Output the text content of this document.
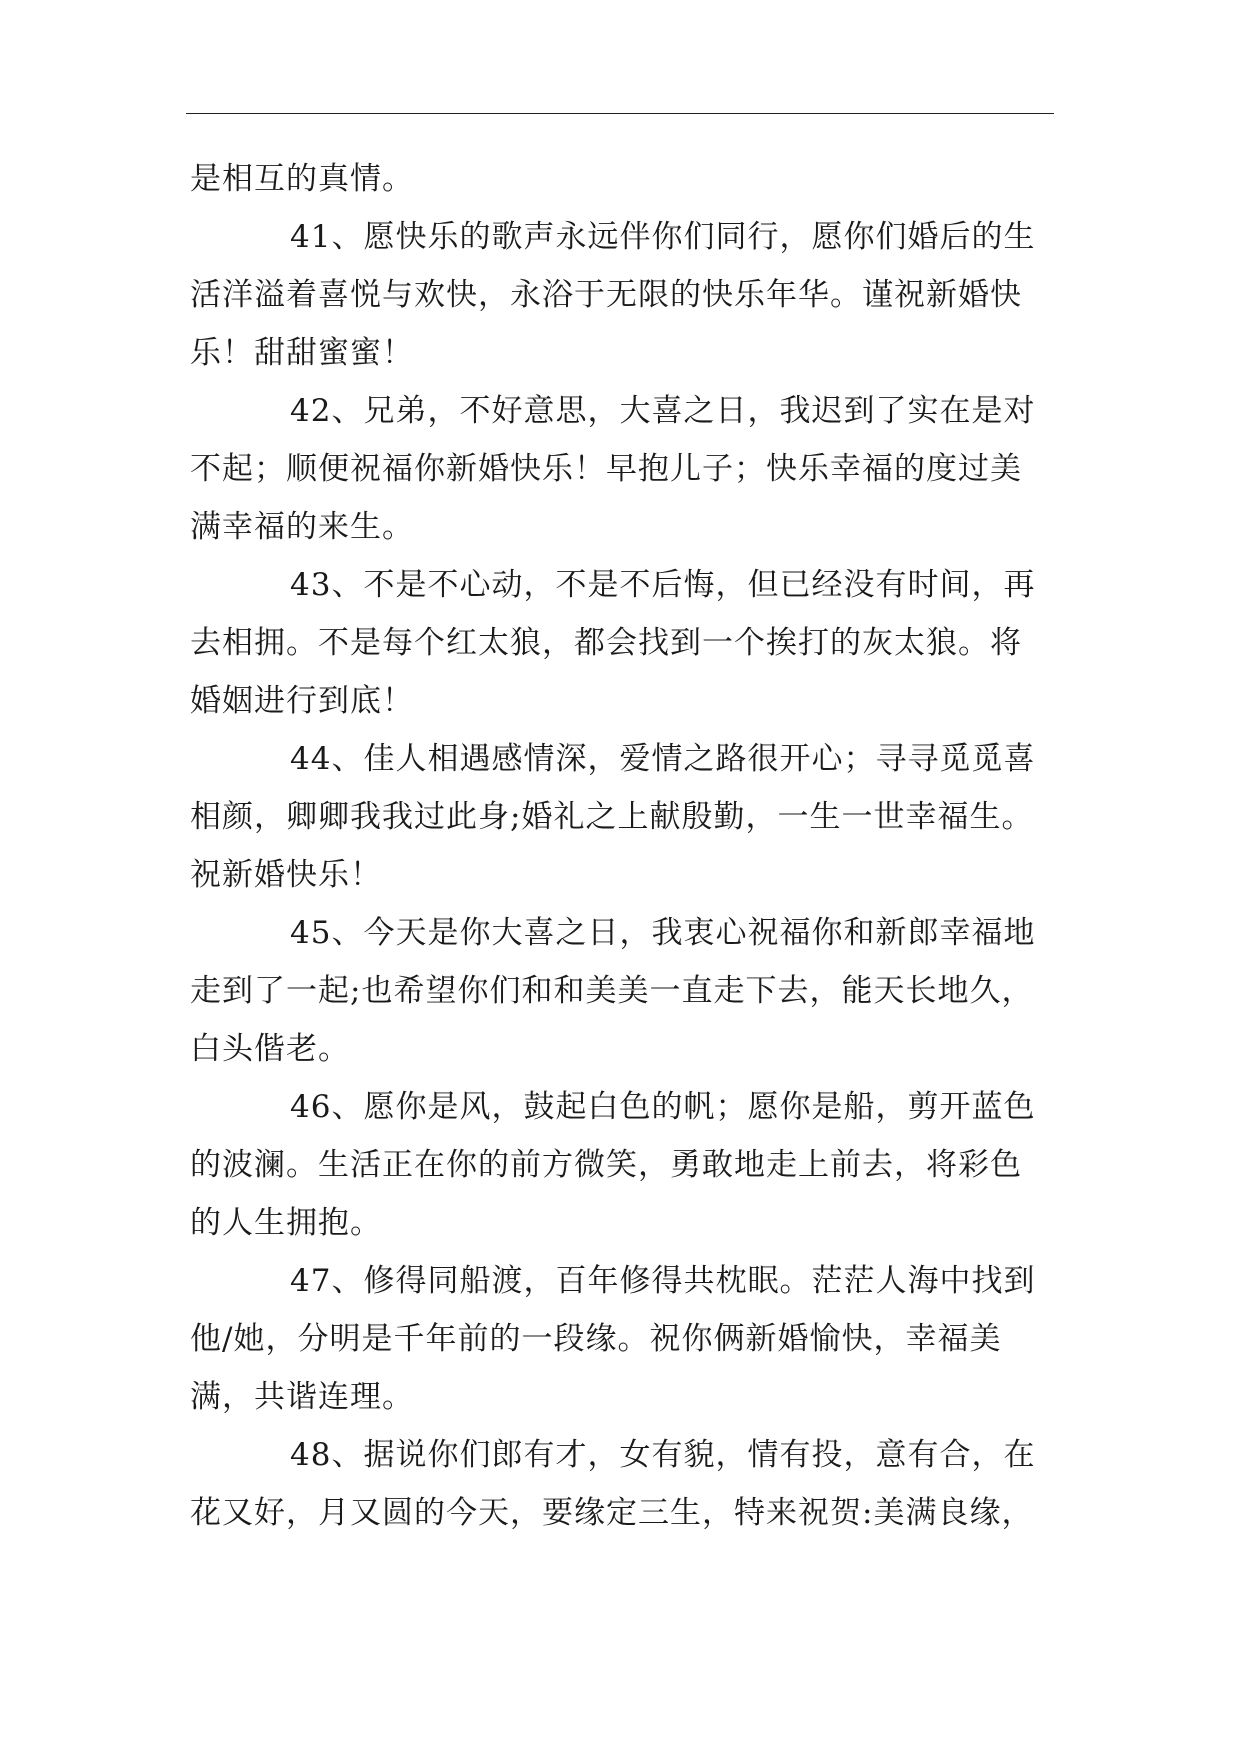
是相互的真情。

41、愿快乐的歌声永远伴你们同行，愿你们婚后的生
活洋溢着喜悦与欢快，永浴于无限的快乐年华。谨祝新婚快
乐！甜甜蜜蜜！

42、兄弟，不好意思，大喜之日，我迟到了实在是对
不起；顺便祝福你新婚快乐！早抱儿子；快乐幸福的度过美
满幸福的来生。

43、不是不心动，不是不后悔，但已经没有时间，再
去相拥。不是每个红太狼，都会找到一个挨打的灰太狼。将
婚姻进行到底！

44、佳人相遇感情深，爱情之路很开心；寻寻觅觅喜
相颜，卿卿我我过此身;婚礼之上献殷勤，一生一世幸福生。
祝新婚快乐！

45、今天是你大喜之日，我衷心祝福你和新郎幸福地
走到了一起;也希望你们和和美美一直走下去，能天长地久，
白头偕老。

46、愿你是风，鼓起白色的帆；愿你是船，剪开蓝色
的波澜。生活正在你的前方微笑，勇敢地走上前去，将彩色
的人生拥抱。

47、修得同船渡，百年修得共枕眠。茫茫人海中找到
他/她，分明是千年前的一段缘。祝你俩新婚愉快，幸福美
满，共谐连理。

48、据说你们郎有才，女有貌，情有投，意有合，在
花又好，月又圆的今天，要缘定三生，特来祝贺:美满良缘，
